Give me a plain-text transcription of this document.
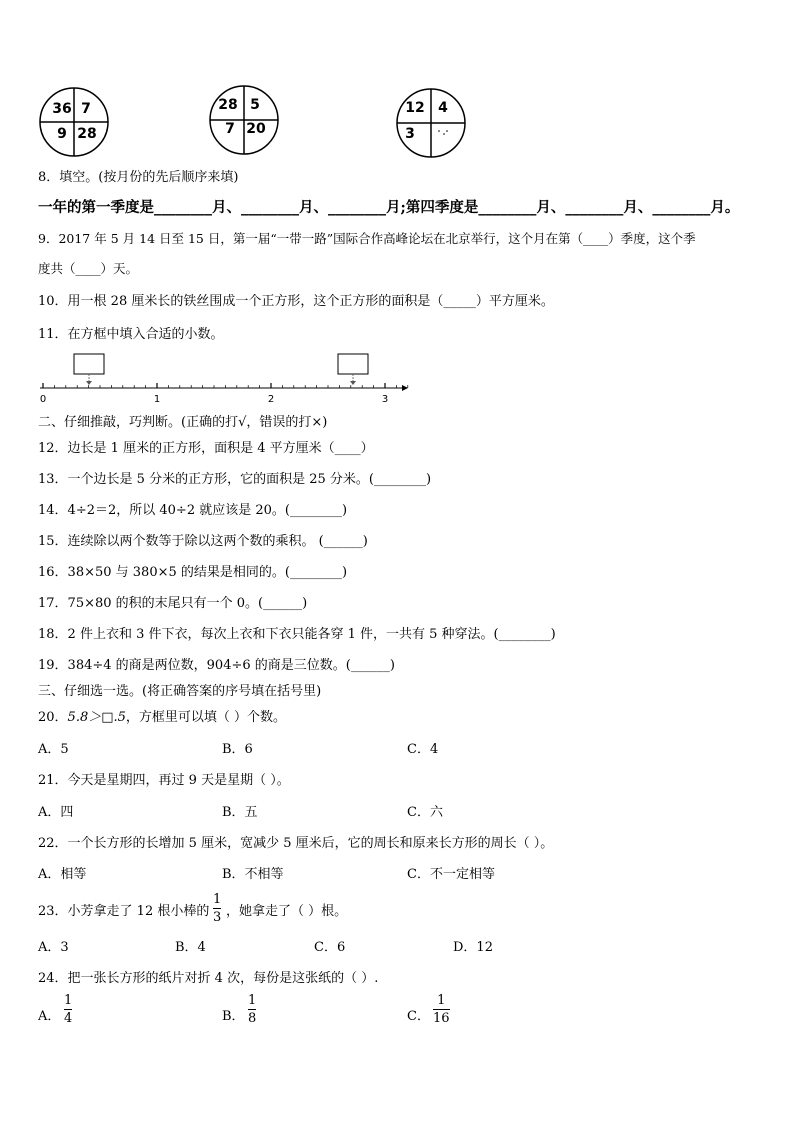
36 7
9 28
28 5
7 20
12 4
3
8．填空。(按月份的先后顺序来填)
一年的第一季度是________月、________月、________月;第四季度是________月、________月、________月。
9．2017 年 5 月 14 日至 15 日，第一届“一带一路”国际合作高峰论坛在北京举行，这个月在第（____）季度，这个季
度共（____）天。
10．用一根 28 厘米长的铁丝围成一个正方形，这个正方形的面积是（_____）平方厘米。
11．在方框中填入合适的小数。
0	1	2	3
二、仔细推敲，巧判断。(正确的打√，错误的打×)
12．边长是 1 厘米的正方形，面积是 4 平方厘米（____）
13．一个边长是 5 分米的正方形，它的面积是 25 分米。(________)
14．4÷2＝2，所以 40÷2 就应该是 20。(________)
15．连续除以两个数等于除以这两个数的乘积。 (______)
16．38×50 与 380×5 的结果是相同的。(________)
17．75×80 的积的末尾只有一个 0。(______)
18．2 件上衣和 3 件下衣，每次上衣和下衣只能各穿 1 件，一共有 5 种穿法。(________)
19．384÷4 的商是两位数，904÷6 的商是三位数。(______)
三、仔细选一选。(将正确答案的序号填在括号里)
20．5.8＞□.5，方框里可以填（ ）个数。
A．5	B．6	C．4
21．今天是星期四，再过 9 天是星期（ ）。
A．四	B．五	C．六
22．一个长方形的长增加 5 厘米，宽减少 5 厘米后，它的周长和原来长方形的周长（ ）。
A．相等	B．不相等	C．不一定相等
23．小芳拿走了 12 根小棒的
1
3 ，她拿走了（ ）根。
A．3	B．4	C．6	D．12
24．把一张长方形的纸片对折 4 次，每份是这张纸的（ ）.
A．
1
4	B．
1
8	C．
1
16
